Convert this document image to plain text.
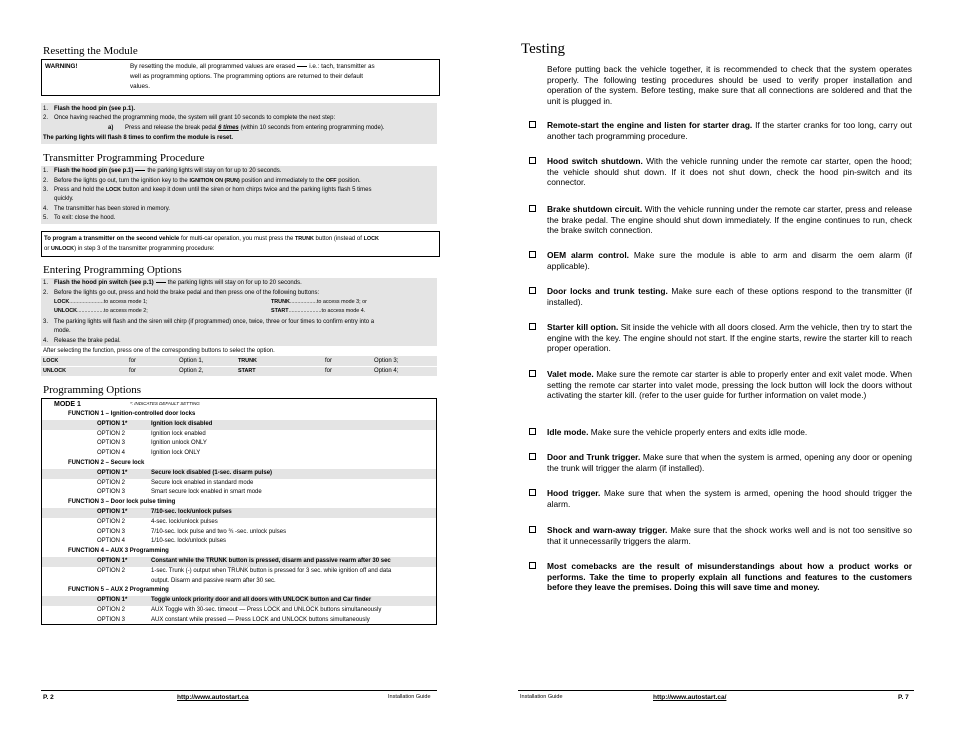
Resetting the Module
WARNING!	By resetting the module, all programmed values are erased i.e.: tach, transmitter as
well as programming options. The programming options are returned to their default
values.
1. Flash the hood pin (see p.1).
2. Once having reached the programming mode, the system will grant 10 seconds to complete the next step:
a) Press and release the break pedal 6 times (within 10 seconds from entering programming mode).
The parking lights will flash 8 times to confirm the module is reset.
Transmitter Programming Procedure
1. Flash the hood pin (see p.1) the parking lights will stay on for up to 20 seconds.
2. Before the lights go out, turn the ignition key to the IGNITION ON (RUN) position and immediately to the OFF position.
3. Press and hold the LOCK button and keep it down until the siren or horn chirps twice and the parking lights flash 5 times
quickly.
4. The transmitter has been stored in memory.
5. To exit: close the hood.
To program a transmitter on the second vehicle for multi-car operation, you must press the TRUNK button (instead of LOCK
or UNLOCK) in step 3 of the transmitter programming procedure:
Entering Programming Options
1. Flash the hood pin switch (see p.1) the parking lights will stay on for up to 20 seconds.
2. Before the lights go out, press and hold the brake pedal and then press one of the following buttons:
LOCK.......................to access mode 1;	TRUNK..................to access mode 3; or
UNLOCK..................to access mode 2;	START......................to access mode 4.
3. The parking lights will flash and the siren will chirp (if programmed) once, twice, three or four times to confirm entry into a
mode.
4. Release the brake pedal.
After selecting the function, press one of the corresponding buttons to select the option.
LOCK	for	Option 1,	TRUNK	for	Option 3;
UNLOCK	for	Option 2,	START	for	Option 4;
Programming Options
MODE 1	*: INDICATES DEFAULT SETTING
FUNCTION 1 – Ignition-controlled door locks
OPTION 1*	Ignition lock disabled
OPTION 2	Ignition lock enabled
OPTION 3	Ignition unlock ONLY
OPTION 4	Ignition lock ONLY
FUNCTION 2 – Secure lock
OPTION 1*	Secure lock disabled (1-sec. disarm pulse)
OPTION 2	Secure lock enabled in standard mode
OPTION 3	Smart secure lock enabled in smart mode
FUNCTION 3 – Door lock pulse timing
OPTION 1*	7/10-sec. lock/unlock pulses
OPTION 2	4-sec. lock/unlock pulses
OPTION 3	7/10-sec. lock pulse and two ¾ -sec. unlock pulses
OPTION 4	1/10-sec. lock/unlock pulses
FUNCTION 4 – AUX 3 Programming
OPTION 1*	Constant while the TRUNK button is pressed, disarm and passive rearm after 30 sec
OPTION 2	1-sec. Trunk (-) output when TRUNK button is pressed for 3 sec. while ignition off and data
output. Disarm and passive rearm after 30 sec.
FUNCTION 5 – AUX 2 Programming
OPTION 1*	Toggle unlock priority door and all doors with UNLOCK button and Car finder
OPTION 2	AUX Toggle with 30-sec. timeout — Press LOCK and UNLOCK buttons simultaneously
OPTION 3	AUX constant while pressed — Press LOCK and UNLOCK buttons simultaneously
P. 2	http://www.autostart.ca	Installation Guide
Testing
Before putting back the vehicle together, it is recommended to check that the system operates properly. The following testing procedures should be used to verify proper installation and operation of the system. Before testing, make sure that all connections are soldered and that the unit is plugged in.
Remote-start the engine and listen for starter drag. If the starter cranks for too long, carry out another tach programming procedure.
Hood switch shutdown. With the vehicle running under the remote car starter, open the hood; the vehicle should shut down. If it does not shut down, check the hood pin-switch and its connector.
Brake shutdown circuit. With the vehicle running under the remote car starter, press and release the brake pedal. The engine should shut down immediately. If the engine continues to run, check the brake switch connection.
OEM alarm control. Make sure the module is able to arm and disarm the oem alarm (if applicable).
Door locks and trunk testing. Make sure each of these options respond to the transmitter (if installed).
Starter kill option. Sit inside the vehicle with all doors closed. Arm the vehicle, then try to start the engine with the key. The engine should not start. If the engine starts, rewire the starter kill to reach proper operation.
Valet mode. Make sure the remote car starter is able to properly enter and exit valet mode. When setting the remote car starter into valet mode, pressing the lock button will lock the doors without activating the starter kill. (refer to the user guide for further information on valet mode.)
Idle mode. Make sure the vehicle properly enters and exits idle mode.
Door and Trunk trigger. Make sure that when the system is armed, opening any door or opening the trunk will trigger the alarm (if installed).
Hood trigger. Make sure that when the system is armed, opening the hood should trigger the alarm.
Shock and warn-away trigger. Make sure that the shock works well and is not too sensitive so that it unnecessarily triggers the alarm.
Most comebacks are the result of misunderstandings about how a product works or performs. Take the time to properly explain all functions and features to the customers before they leave the premises. Doing this will save time and money.
Installation Guide	http://www.autostart.ca/	P. 7
